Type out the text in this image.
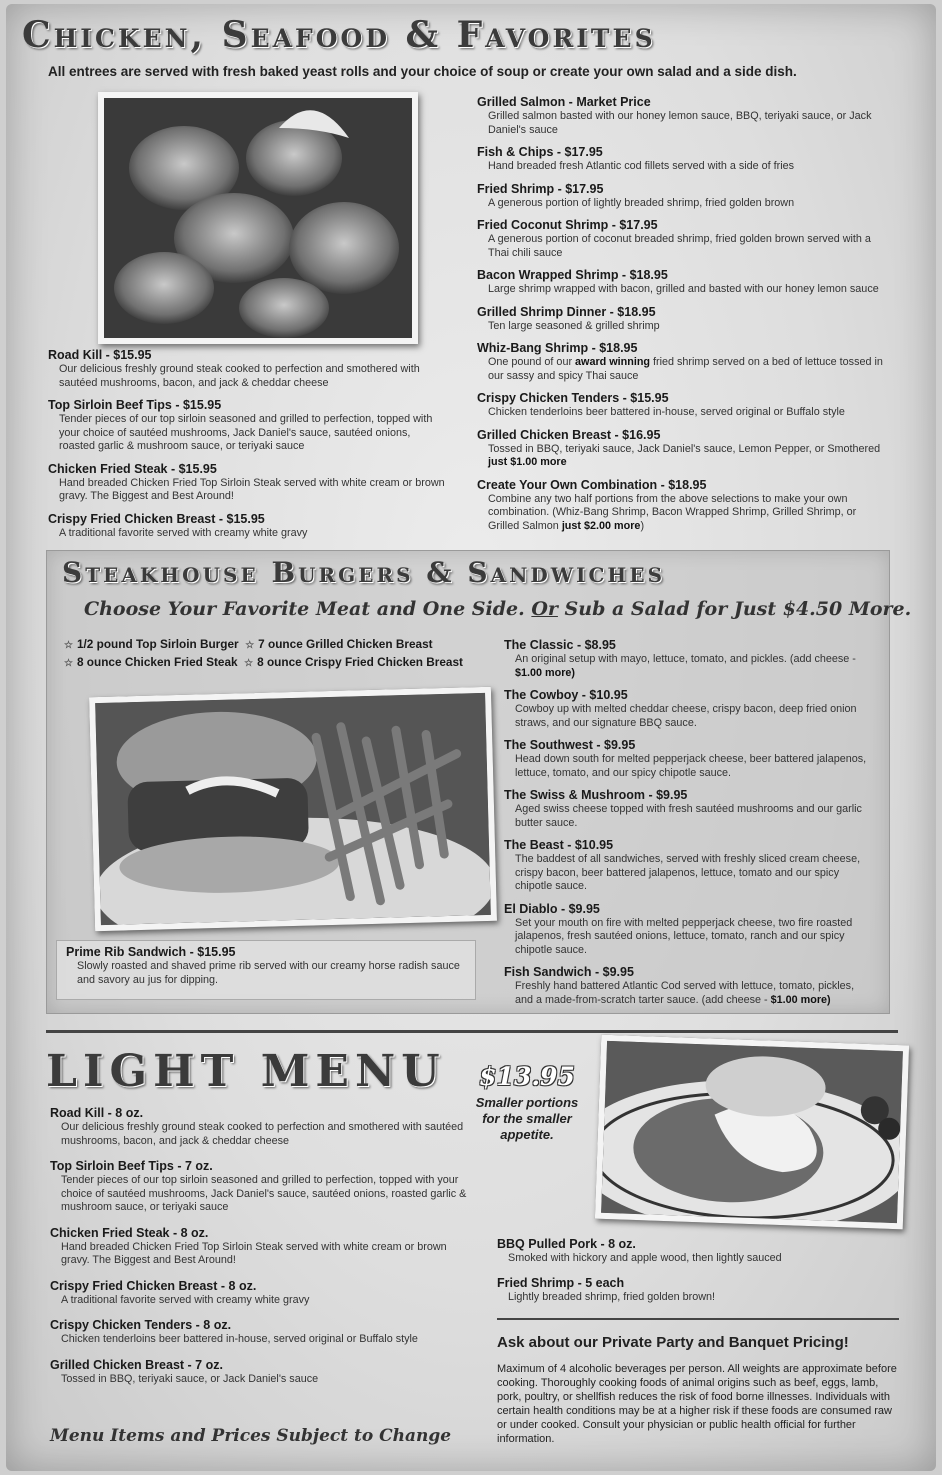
Chicken, Seafood & Favorites
All entrees are served with fresh baked yeast rolls and your choice of soup or create your own salad and a side dish.
Road Kill - $15.95
Our delicious freshly ground steak cooked to perfection and smothered with sautéed mushrooms, bacon, and jack & cheddar cheese
Top Sirloin Beef Tips - $15.95
Tender pieces of our top sirloin seasoned and grilled to perfection, topped with your choice of sautéed mushrooms, Jack Daniel's sauce, sautéed onions, roasted garlic & mushroom sauce, or teriyaki sauce
Chicken Fried Steak - $15.95
Hand breaded Chicken Fried Top Sirloin Steak served with white cream or brown gravy. The Biggest and Best Around!
Crispy Fried Chicken Breast - $15.95
A traditional favorite served with creamy white gravy
Grilled Salmon - Market Price
Grilled salmon basted with our honey lemon sauce, BBQ, teriyaki sauce, or Jack Daniel's sauce
Fish & Chips - $17.95
Hand breaded fresh Atlantic cod fillets served with a side of fries
Fried Shrimp - $17.95
A generous portion of lightly breaded shrimp, fried golden brown
Fried Coconut Shrimp - $17.95
A generous portion of coconut breaded shrimp, fried golden brown served with a Thai chili sauce
Bacon Wrapped Shrimp - $18.95
Large shrimp wrapped with bacon, grilled and basted with our honey lemon sauce
Grilled Shrimp Dinner - $18.95
Ten large seasoned & grilled shrimp
Whiz-Bang Shrimp - $18.95
One pound of our award winning fried shrimp served on a bed of lettuce tossed in our sassy and spicy Thai sauce
Crispy Chicken Tenders - $15.95
Chicken tenderloins beer battered in-house, served original or Buffalo style
Grilled Chicken Breast - $16.95
Tossed in BBQ, teriyaki sauce, Jack Daniel's sauce, Lemon Pepper, or Smothered just $1.00 more
Create Your Own Combination - $18.95
Combine any two half portions from the above selections to make your own combination. (Whiz-Bang Shrimp, Bacon Wrapped Shrimp, Grilled Shrimp, or Grilled Salmon just $2.00 more)
Steakhouse Burgers & Sandwiches
Choose Your Favorite Meat and One Side. Or Sub a Salad for Just $4.50 More.
☆ 1/2 pound Top Sirloin Burger ☆ 7 ounce Grilled Chicken Breast
☆ 8 ounce Chicken Fried Steak ☆ 8 ounce Crispy Fried Chicken Breast
Prime Rib Sandwich - $15.95
Slowly roasted and shaved prime rib served with our creamy horse radish sauce and savory au jus for dipping.
The Classic - $8.95
An original setup with mayo, lettuce, tomato, and pickles. (add cheese - $1.00 more)
The Cowboy - $10.95
Cowboy up with melted cheddar cheese, crispy bacon, deep fried onion straws, and our signature BBQ sauce.
The Southwest - $9.95
Head down south for melted pepperjack cheese, beer battered jalapenos, lettuce, tomato, and our spicy chipotle sauce.
The Swiss & Mushroom - $9.95
Aged swiss cheese topped with fresh sautéed mushrooms and our garlic butter sauce.
The Beast - $10.95
The baddest of all sandwiches, served with freshly sliced cream cheese, crispy bacon, beer battered jalapenos, lettuce, tomato and our spicy chipotle sauce.
El Diablo - $9.95
Set your mouth on fire with melted pepperjack cheese, two fire roasted jalapenos, fresh sautéed onions, lettuce, tomato, ranch and our spicy chipotle sauce.
Fish Sandwich - $9.95
Freshly hand battered Atlantic Cod served with lettuce, tomato, pickles, and a made-from-scratch tarter sauce. (add cheese - $1.00 more)
LIGHT MENU	$13.95
Smaller portions for the smaller appetite.
Road Kill - 8 oz.
Our delicious freshly ground steak cooked to perfection and smothered with sautéed mushrooms, bacon, and jack & cheddar cheese
Top Sirloin Beef Tips - 7 oz.
Tender pieces of our top sirloin seasoned and grilled to perfection, topped with your choice of sautéed mushrooms, Jack Daniel's sauce, sautéed onions, roasted garlic & mushroom sauce, or teriyaki sauce
Chicken Fried Steak - 8 oz.
Hand breaded Chicken Fried Top Sirloin Steak served with white cream or brown gravy. The Biggest and Best Around!
Crispy Fried Chicken Breast - 8 oz.
A traditional favorite served with creamy white gravy
Crispy Chicken Tenders - 8 oz.
Chicken tenderloins beer battered in-house, served original or Buffalo style
Grilled Chicken Breast - 7 oz.
Tossed in BBQ, teriyaki sauce, or Jack Daniel's sauce
Menu Items and Prices Subject to Change
BBQ Pulled Pork - 8 oz.
Smoked with hickory and apple wood, then lightly sauced
Fried Shrimp - 5 each
Lightly breaded shrimp, fried golden brown!
Ask about our Private Party and Banquet Pricing!
Maximum of 4 alcoholic beverages per person. All weights are approximate before cooking. Thoroughly cooking foods of animal origins such as beef, eggs, lamb, pork, poultry, or shellfish reduces the risk of food borne illnesses. Individuals with certain health conditions may be at a higher risk if these foods are consumed raw or under cooked. Consult your physician or public health official for further information.
